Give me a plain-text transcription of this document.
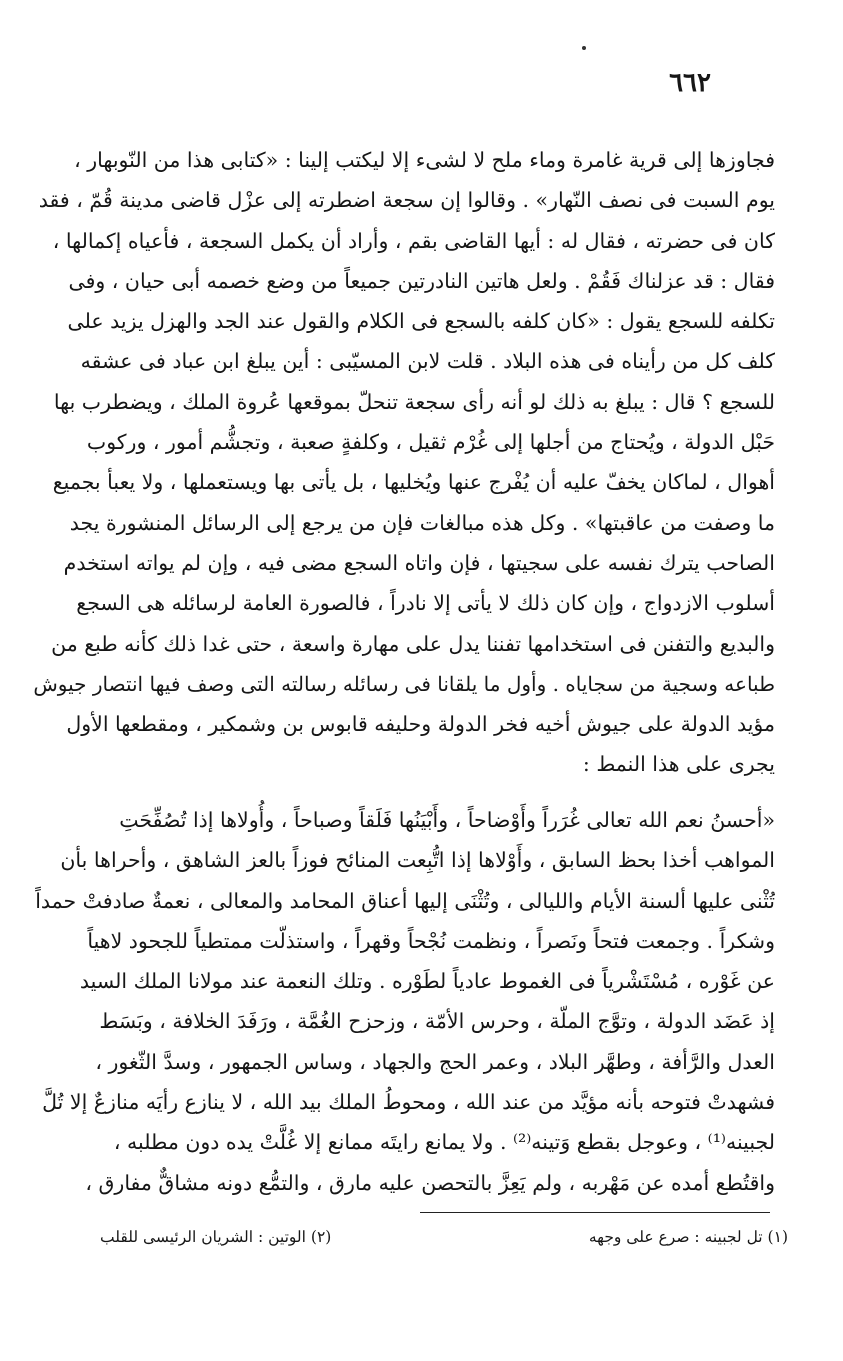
٦٦٢
فجاوزها إلى قرية غامرة وماء ملح لا لشىء إلا ليكتب إلينا : «كتابى هذا من النّوبهار ،
يوم السبت فى نصف النّهار» . وقالوا إن سجعة اضطرته إلى عزْل قاضى مدينة قُمّ ، فقد
كان فى حضرته ، فقال له : أيها القاضى بقم ، وأراد أن يكمل السجعة ، فأعياه إكمالها ،
فقال : قد عزلناك فَقُمْ . ولعل هاتين النادرتين جميعاً من وضع خصمه أبى حيان ، وفى
تكلفه للسجع يقول : «كان كلفه بالسجع فى الكلام والقول عند الجد والهزل يزيد على
كلف كل من رأيناه فى هذه البلاد . قلت لابن المسيّبى : أين يبلغ ابن عباد فى عشقه
للسجع ؟ قال : يبلغ به ذلك لو أنه رأى سجعة تنحلّ بموقعها عُروة الملك ، ويضطرب بها
حَبْل الدولة ، ويُحتاج من أجلها إلى غُرْم ثقيل ، وكلفةٍ صعبة ، وتجشُّم أمور ، وركوب
أهوال ، لماكان يخفّ عليه أن يُفْرج عنها ويُخليها ، بل يأتى بها ويستعملها ، ولا يعبأ بجميع
ما وصفت من عاقبتها» . وكل هذه مبالغات فإن من يرجع إلى الرسائل المنشورة يجد
الصاحب يترك نفسه على سجيتها ، فإن واتاه السجع مضى فيه ، وإن لم يواته استخدم
أسلوب الازدواج ، وإن كان ذلك لا يأتى إلا نادراً ، فالصورة العامة لرسائله هى السجع
والبديع والتفنن فى استخدامها تفننا يدل على مهارة واسعة ، حتى غدا ذلك كأنه طبع من
طباعه وسجية من سجاياه . وأول ما يلقانا فى رسائله رسالته التى وصف فيها انتصار جيوش
مؤيد الدولة على جيوش أخيه فخر الدولة وحليفه قابوس بن وشمكير ، ومقطعها الأول
يجرى على هذا النمط :
«أحسنُ نعم الله تعالى غُرَراً وأَوْضاحاً ، وأَبْيَنُها فَلَقاً وصباحاً ، وأُولاها إذا تُصُفِّحَتِ
المواهب أخذا بحظ السابق ، وأَوْلاها إذا اتُّبِعت المنائح فوزاً بالعز الشاهق ، وأحراها بأن
تُثْنى عليها ألسنة الأيام والليالى ، وتُثْنَى إليها أعناق المحامد والمعالى ، نعمةٌ صادفتْ حمداً
وشكراً . وجمعت فتحاً ونَصراً ، ونظمت نُجْحاً وقهراً ، واستذلّت ممتطياً للجحود لاهياً
عن غَوْره ، مُسْتَشْرياً فى الغموط عادياً لطَوْره . وتلك النعمة عند مولانا الملك السيد
إذ عَضَد الدولة ، وتوَّج الملّة ، وحرس الأمّة ، وزحزح الغُمَّة ، ورَفَدَ الخلافة ، وبَسَط
العدل والرَّأفة ، وطهَّر البلاد ، وعمر الحج والجهاد ، وساس الجمهور ، وسدَّ الثّغور ،
فشهدتْ فتوحه بأنه مؤيَّد من عند الله ، ومحوطُ الملك بيد الله ، لا ينازع رأيَه منازعٌ إلا تُلَّ
لجبينه⁽¹⁾ ، وعوجل بقطع وَتينه⁽²⁾ . ولا يمانع رايتَه ممانع إلا غُلَّتْ يده دون مطلبه ،
واقتُطع أمده عن مَهْربه ، ولم يَعِزَّ بالتحصن عليه مارق ، والتمُّع دونه مشاقٌّ مفارق ،
(١) تل لجبينه : صرع على وجهه
(٢) الوتين : الشريان الرئيسى للقلب
